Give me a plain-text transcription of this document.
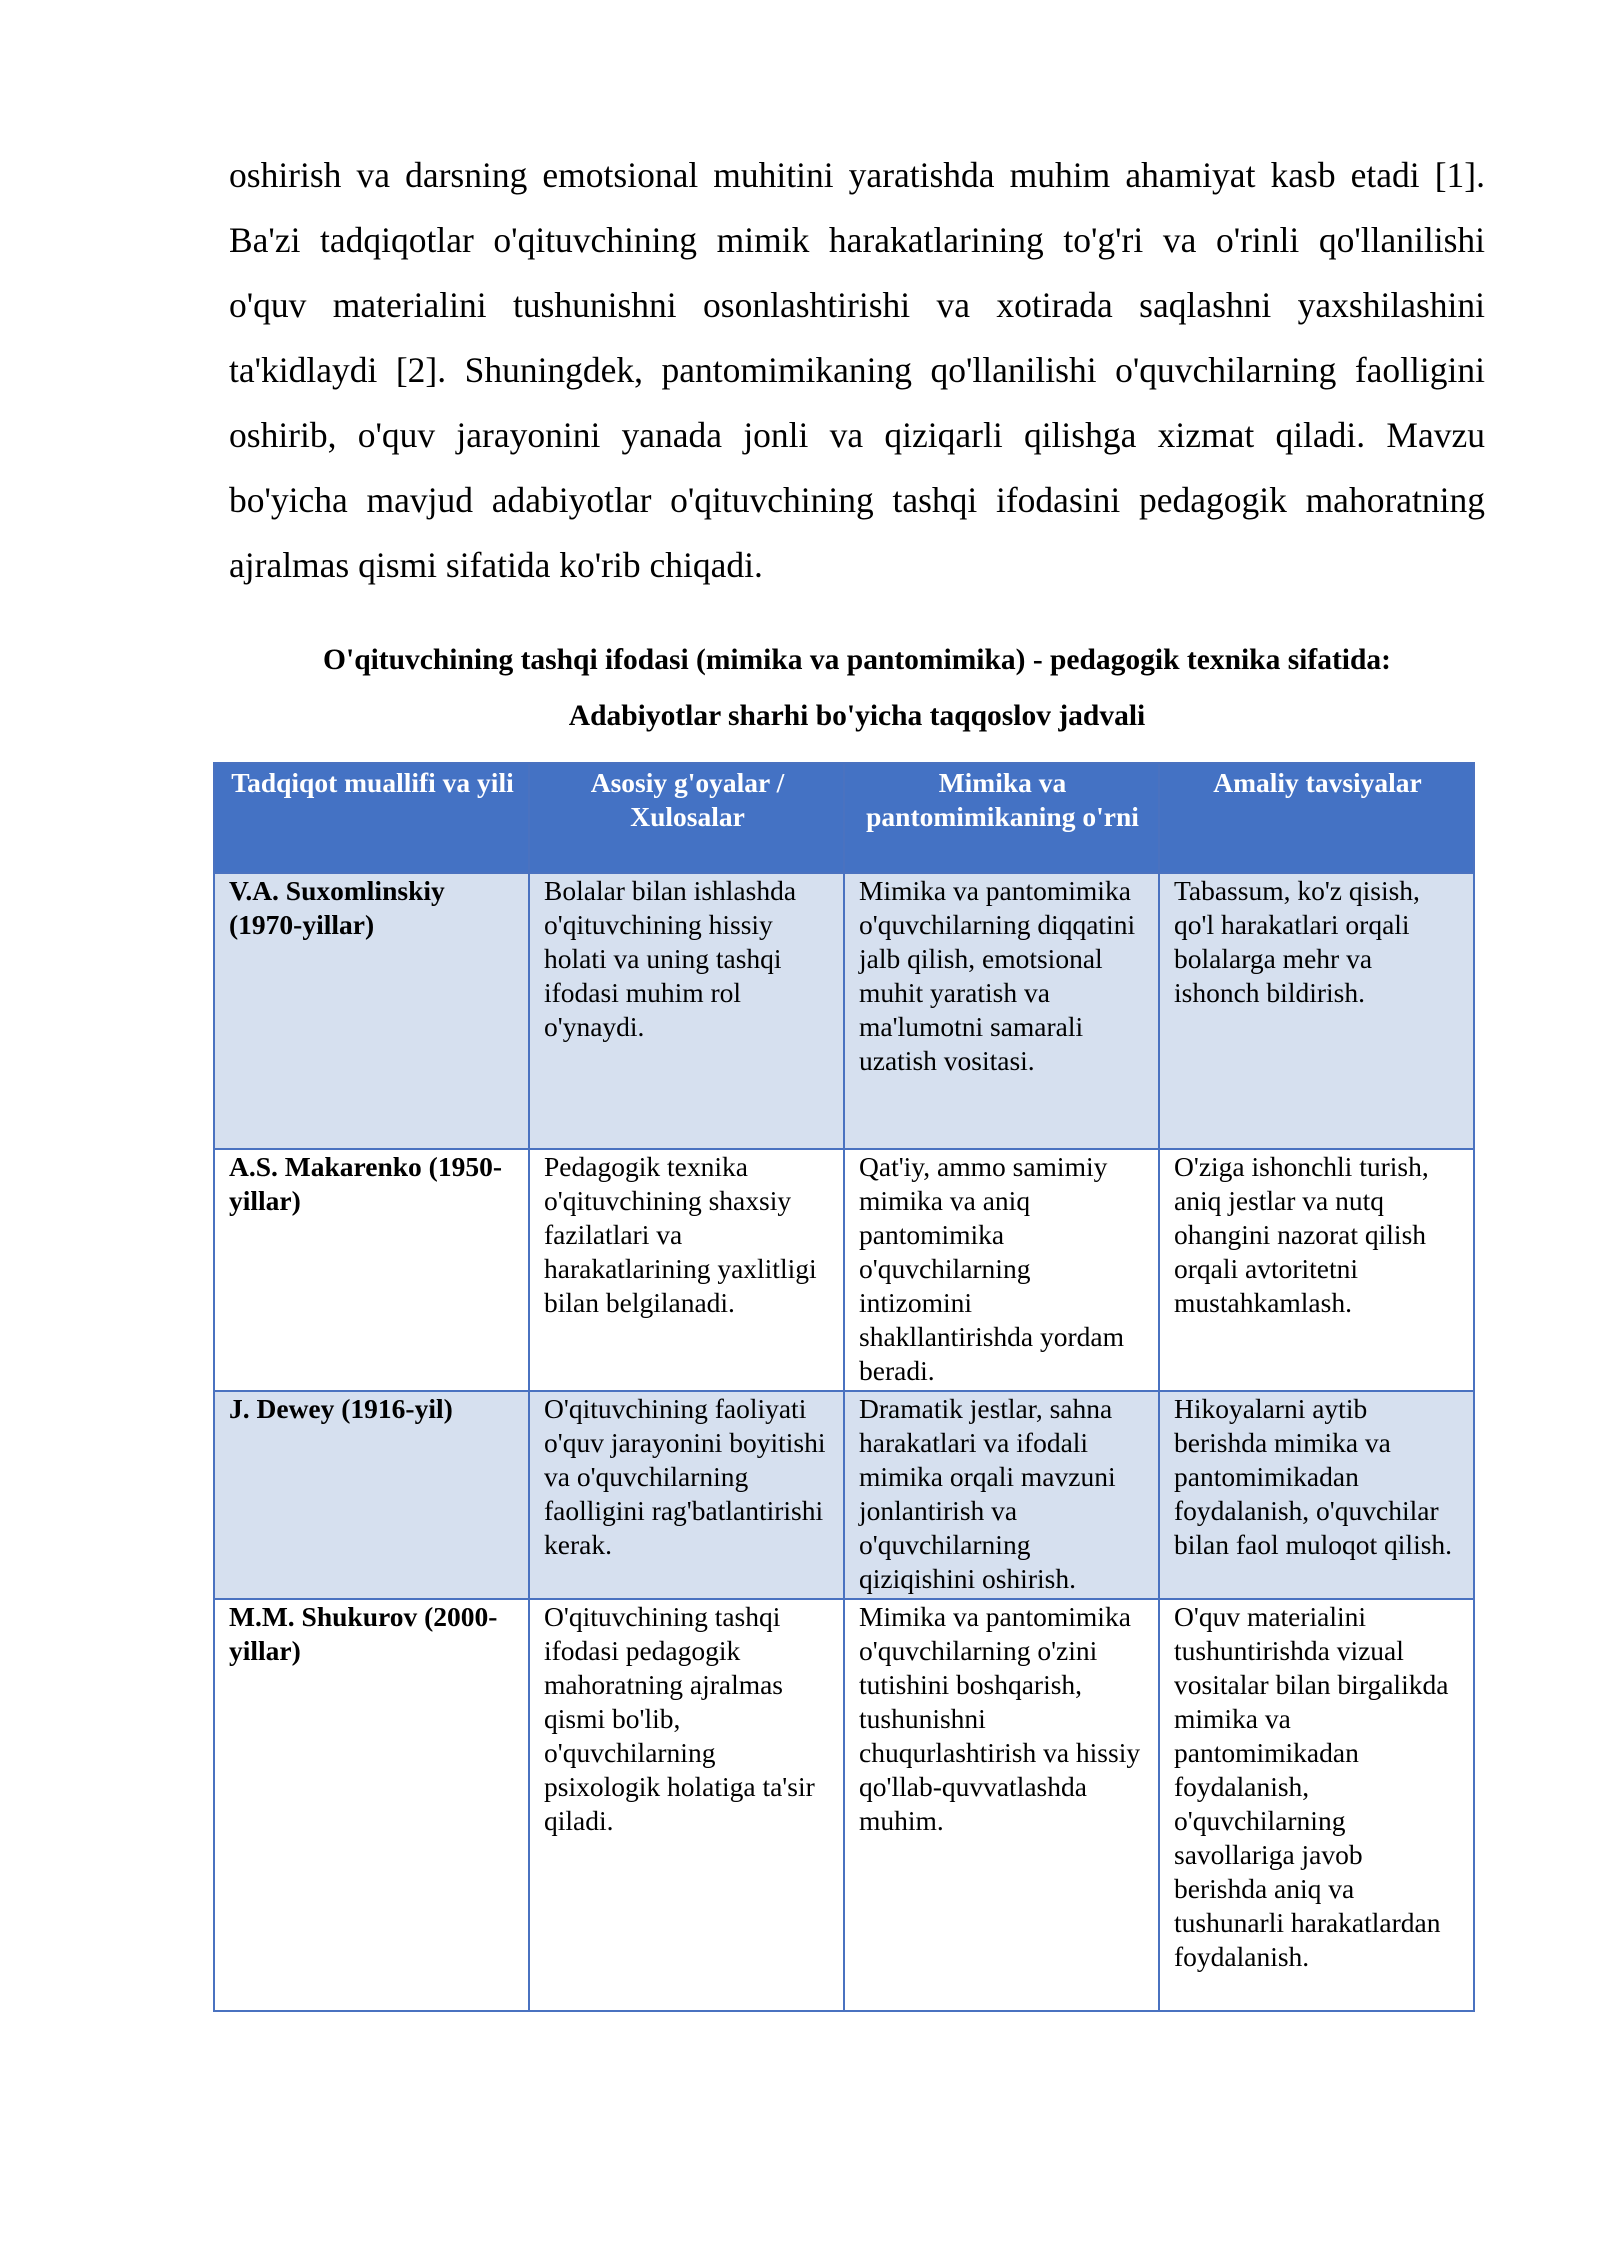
oshirish va darsning emotsional muhitini yaratishda muhim ahamiyat kasb etadi [1]. Ba'zi tadqiqotlar o'qituvchining mimik harakatlarining to'g'ri va o'rinli qo'llanilishi o'quv materialini tushunishni osonlashtirishi va xotirada saqlashni yaxshilashini ta'kidlaydi [2]. Shuningdek, pantomimikaning qo'llanilishi o'quvchilarning faolligini oshirib, o'quv jarayonini yanada jonli va qiziqarli qilishga xizmat qiladi. Mavzu bo'yicha mavjud adabiyotlar o'qituvchining tashqi ifodasini pedagogik mahoratning ajralmas qismi sifatida ko'rib chiqadi.

O'qituvchining tashqi ifodasi (mimika va pantomimika) - pedagogik texnika sifatida:
Adabiyotlar sharhi bo'yicha taqqoslov jadvali
Tadqiqot muallifi va yili	Asosiy g'oyalar / Xulosalar	Mimika va pantomimikaning o'rni	Amaliy tavsiyalar
V.A. Suxomlinskiy (1970-yillar)	Bolalar bilan ishlashda o'qituvchining hissiy holati va uning tashqi ifodasi muhim rol o'ynaydi.	Mimika va pantomimika o'quvchilarning diqqatini jalb qilish, emotsional muhit yaratish va ma'lumotni samarali uzatish vositasi.	Tabassum, ko'z qisish, qo'l harakatlari orqali bolalarga mehr va ishonch bildirish.
A.S. Makarenko (1950-yillar)	Pedagogik texnika o'qituvchining shaxsiy fazilatlari va harakatlarining yaxlitligi bilan belgilanadi.	Qat'iy, ammo samimiy mimika va aniq pantomimika o'quvchilarning intizomini shakllantirishda yordam beradi.	O'ziga ishonchli turish, aniq jestlar va nutq ohangini nazorat qilish orqali avtoritetni mustahkamlash.
J. Dewey (1916-yil)	O'qituvchining faoliyati o'quv jarayonini boyitishi va o'quvchilarning faolligini rag'batlantirishi kerak.	Dramatik jestlar, sahna harakatlari va ifodali mimika orqali mavzuni jonlantirish va o'quvchilarning qiziqishini oshirish.	Hikoyalarni aytib berishda mimika va pantomimikadan foydalanish, o'quvchilar bilan faol muloqot qilish.
M.M. Shukurov (2000-yillar)	O'qituvchining tashqi ifodasi pedagogik mahoratning ajralmas qismi bo'lib, o'quvchilarning psixologik holatiga ta'sir qiladi.	Mimika va pantomimika o'quvchilarning o'zini tutishini boshqarish, tushunishni chuqurlashtirish va hissiy qo'llab-quvvatlashda muhim.	O'quv materialini tushuntirishda vizual vositalar bilan birgalikda mimika va pantomimikadan foydalanish, o'quvchilarning savollariga javob berishda aniq va tushunarli harakatlardan foydalanish.
